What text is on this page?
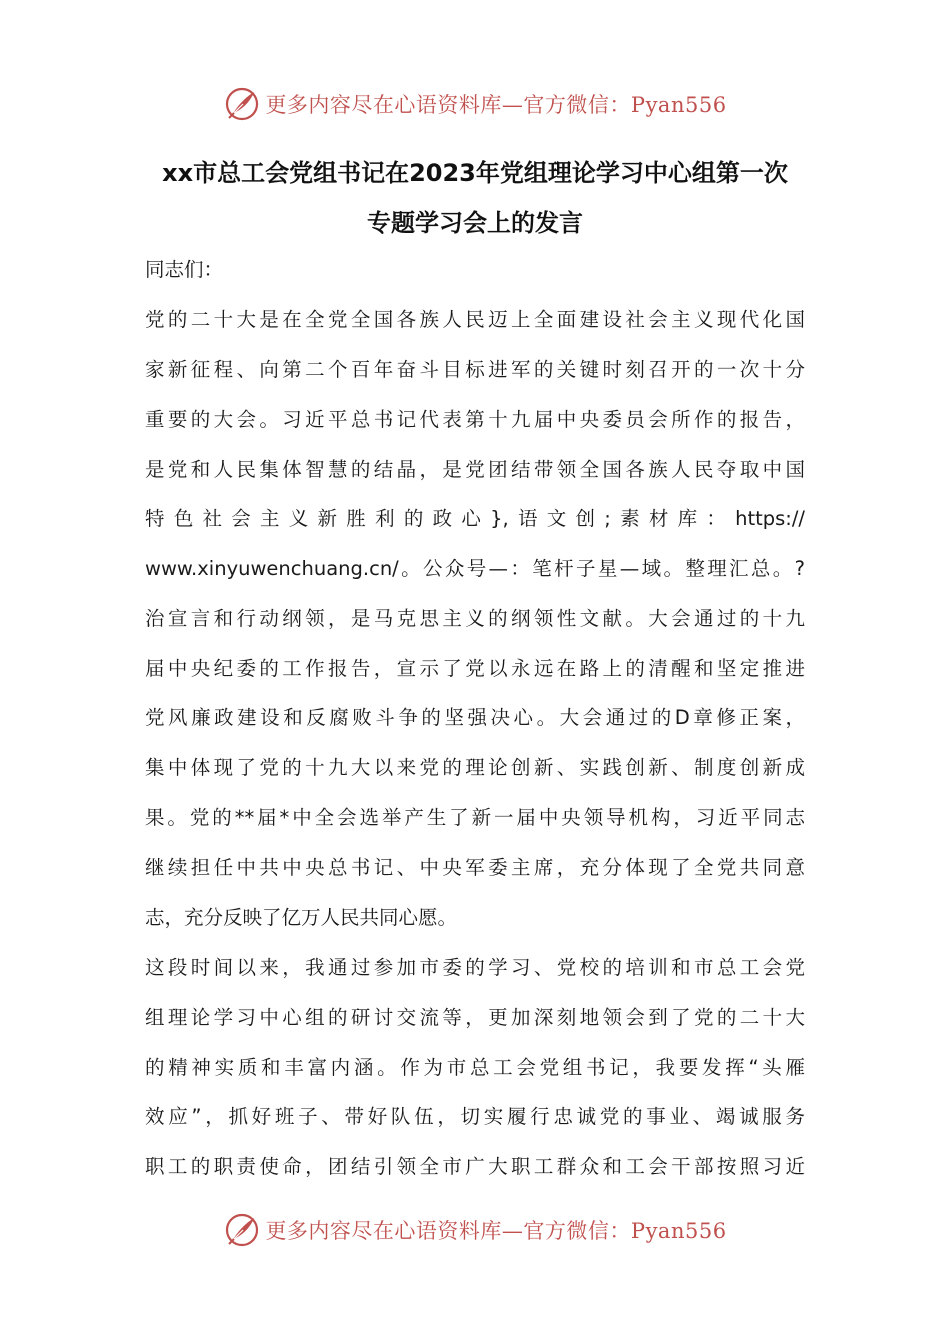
更多内容尽在心语资料库—官方微信：Pyan556
xx市总工会党组书记在2023年党组理论学习中心组第一次
专题学习会上的发言
同志们：
党的二十大是在全党全国各族人民迈上全面建设社会主义现代化国
家新征程、向第二个百年奋斗目标进军的关键时刻召开的一次十分
重要的大会。习近平总书记代表第十九届中央委员会所作的报告，
是党和人民集体智慧的结晶，是党团结带领全国各族人民夺取中国
特色社会主义新胜利的政心},语文创;素材库：https://
www.xinyuwenchuang.cn/。公众号—：笔杆子星—域。整理汇总。?
治宣言和行动纲领，是马克思主义的纲领性文献。大会通过的十九
届中央纪委的工作报告，宣示了党以永远在路上的清醒和坚定推进
党风廉政建设和反腐败斗争的坚强决心。大会通过的D章修正案，
集中体现了党的十九大以来党的理论创新、实践创新、制度创新成
果。党的**届*中全会选举产生了新一届中央领导机构，习近平同志
继续担任中共中央总书记、中央军委主席，充分体现了全党共同意
志，充分反映了亿万人民共同心愿。
这段时间以来，我通过参加市委的学习、党校的培训和市总工会党
组理论学习中心组的研讨交流等，更加深刻地领会到了党的二十大
的精神实质和丰富内涵。作为市总工会党组书记，我要发挥“头雁
效应”，抓好班子、带好队伍，切实履行忠诚党的事业、竭诚服务
职工的职责使命，团结引领全市广大职工群众和工会干部按照习近
更多内容尽在心语资料库—官方微信：Pyan556
